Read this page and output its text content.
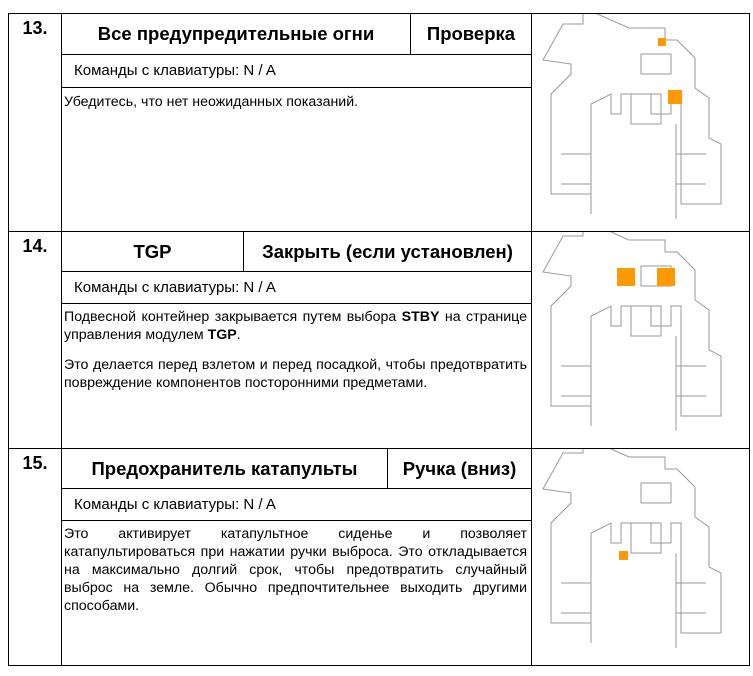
13.	Все предупредительные огни	Проверка
Команды с клавиатуры: N / A

Убедитесь, что нет неожиданных показаний.

14.	TGP	Закрыть (если установлен)
Команды с клавиатуры: N / A

Подвесной контейнер закрывается путем выбора STBY на странице управления модулем TGP.

Это делается перед взлетом и перед посадкой, чтобы предотвратить повреждение компонентов посторонними предметами.

15.	Предохранитель катапульты	Ручка (вниз)
Команды с клавиатуры: N / A

Это активирует катапультное сиденье и позволяет катапультироваться при нажатии ручки выброса. Это откладывается на максимально долгий срок, чтобы предотвратить случайный выброс на земле. Обычно предпочтительнее выходить другими способами.
